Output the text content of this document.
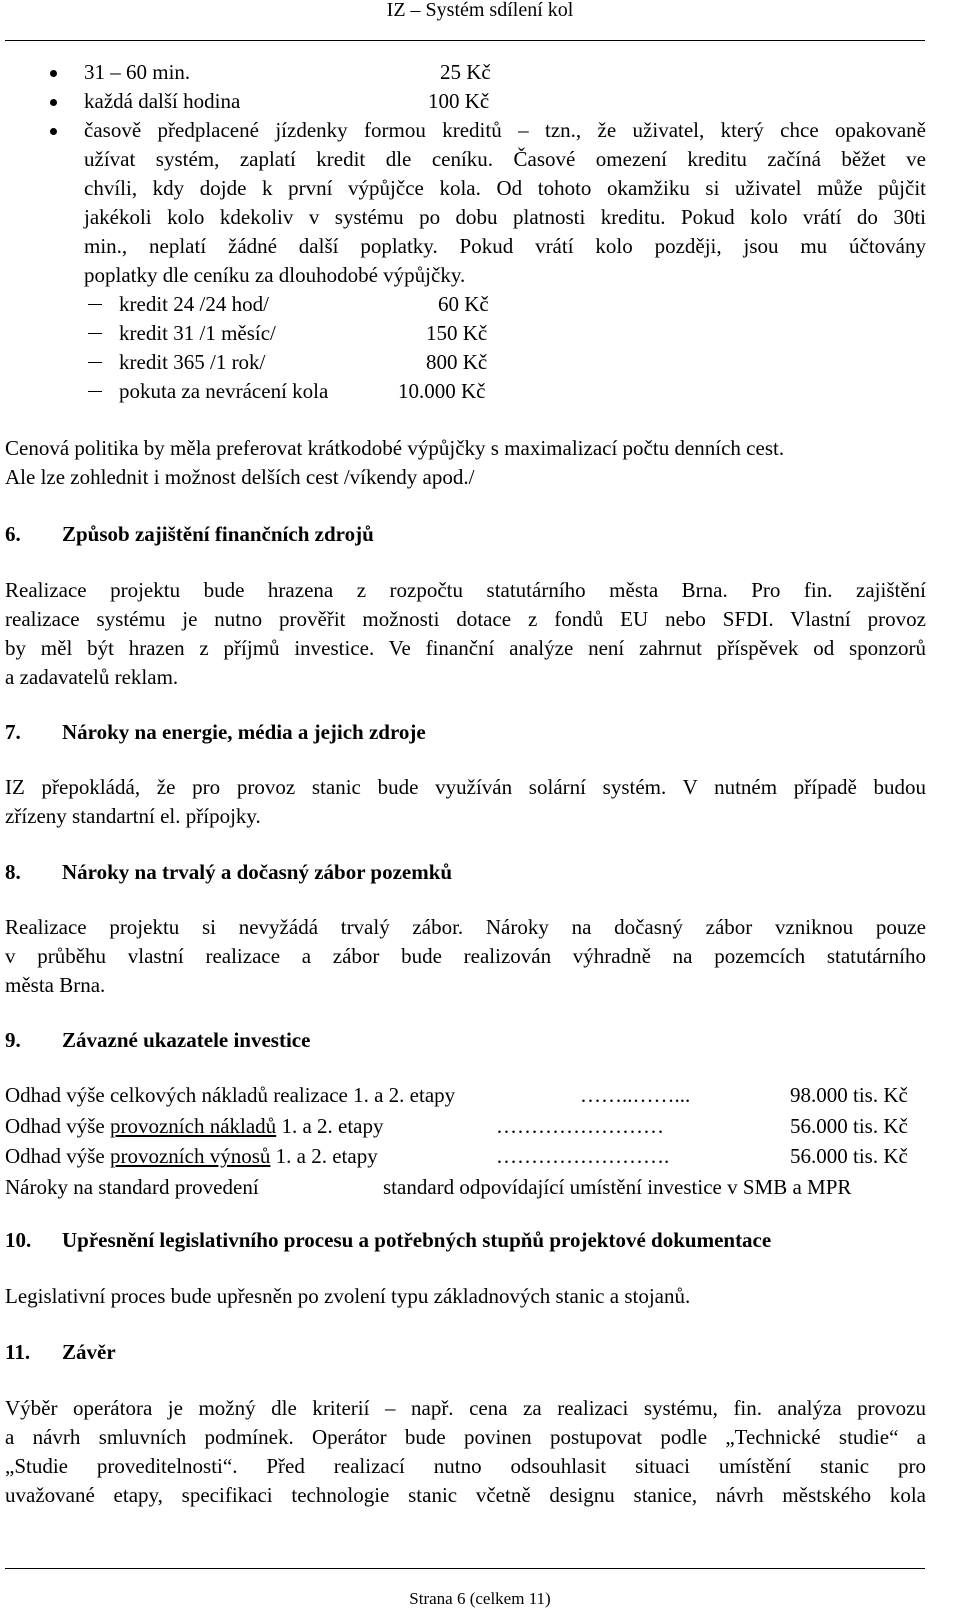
IZ – Systém sdílení kol
31 – 60 min.	25 Kč
každá další hodina	100 Kč
časově předplacené jízdenky formou kreditů – tzn., že uživatel, který chce opakovaně
užívat systém, zaplatí kredit dle ceníku. Časové omezení kreditu začíná běžet ve
chvíli, kdy dojde k první výpůjčce kola. Od tohoto okamžiku si uživatel může půjčit
jakékoli kolo kdekoliv v systému po dobu platnosti kreditu. Pokud kolo vrátí do 30ti
min., neplatí žádné další poplatky. Pokud vrátí kolo později, jsou mu účtovány
poplatky dle ceníku za dlouhodobé výpůjčky.
kredit 24 /24 hod/	60 Kč
kredit 31 /1 měsíc/	150 Kč
kredit 365 /1 rok/	800 Kč
pokuta za nevrácení kola	10.000 Kč
Cenová politika by měla preferovat krátkodobé výpůjčky s maximalizací počtu denních cest.
Ale lze zohlednit i možnost delších cest /víkendy apod./
6. Způsob zajištění finančních zdrojů
Realizace projektu bude hrazena z rozpočtu statutárního města Brna. Pro fin. zajištění
realizace systému je nutno prověřit možnosti dotace z fondů EU nebo SFDI. Vlastní provoz
by měl být hrazen z příjmů investice. Ve finanční analýze není zahrnut příspěvek od sponzorů
a zadavatelů reklam.
7. Nároky na energie, média a jejich zdroje
IZ přepokládá, že pro provoz stanic bude využíván solární systém. V nutném případě budou
zřízeny standartní el. přípojky.
8. Nároky na trvalý a dočasný zábor pozemků
Realizace projektu si nevyžádá trvalý zábor. Nároky na dočasný zábor vzniknou pouze
v průběhu vlastní realizace a zábor bude realizován výhradně na pozemcích statutárního
města Brna.
9. Závazné ukazatele investice
Odhad výše celkových nákladů realizace 1. a 2. etapy	……..……...	98.000 tis. Kč
Odhad výše provozních nákladů 1. a 2. etapy	……………………	56.000 tis. Kč
Odhad výše provozních výnosů 1. a 2. etapy	…………………….	56.000 tis. Kč
Nároky na standard provedení	standard odpovídající umístění investice v SMB a MPR
10. Upřesnění legislativního procesu a potřebných stupňů projektové dokumentace
Legislativní proces bude upřesněn po zvolení typu základnových stanic a stojanů.
11. Závěr
Výběr operátora je možný dle kriterií – např. cena za realizaci systému, fin. analýza provozu
a návrh smluvních podmínek. Operátor bude povinen postupovat podle „Technické studie“ a
„Studie proveditelnosti“. Před realizací nutno odsouhlasit situaci umístění stanic pro
uvažované etapy, specifikaci technologie stanic včetně designu stanice, návrh městského kola
Strana 6 (celkem 11)
